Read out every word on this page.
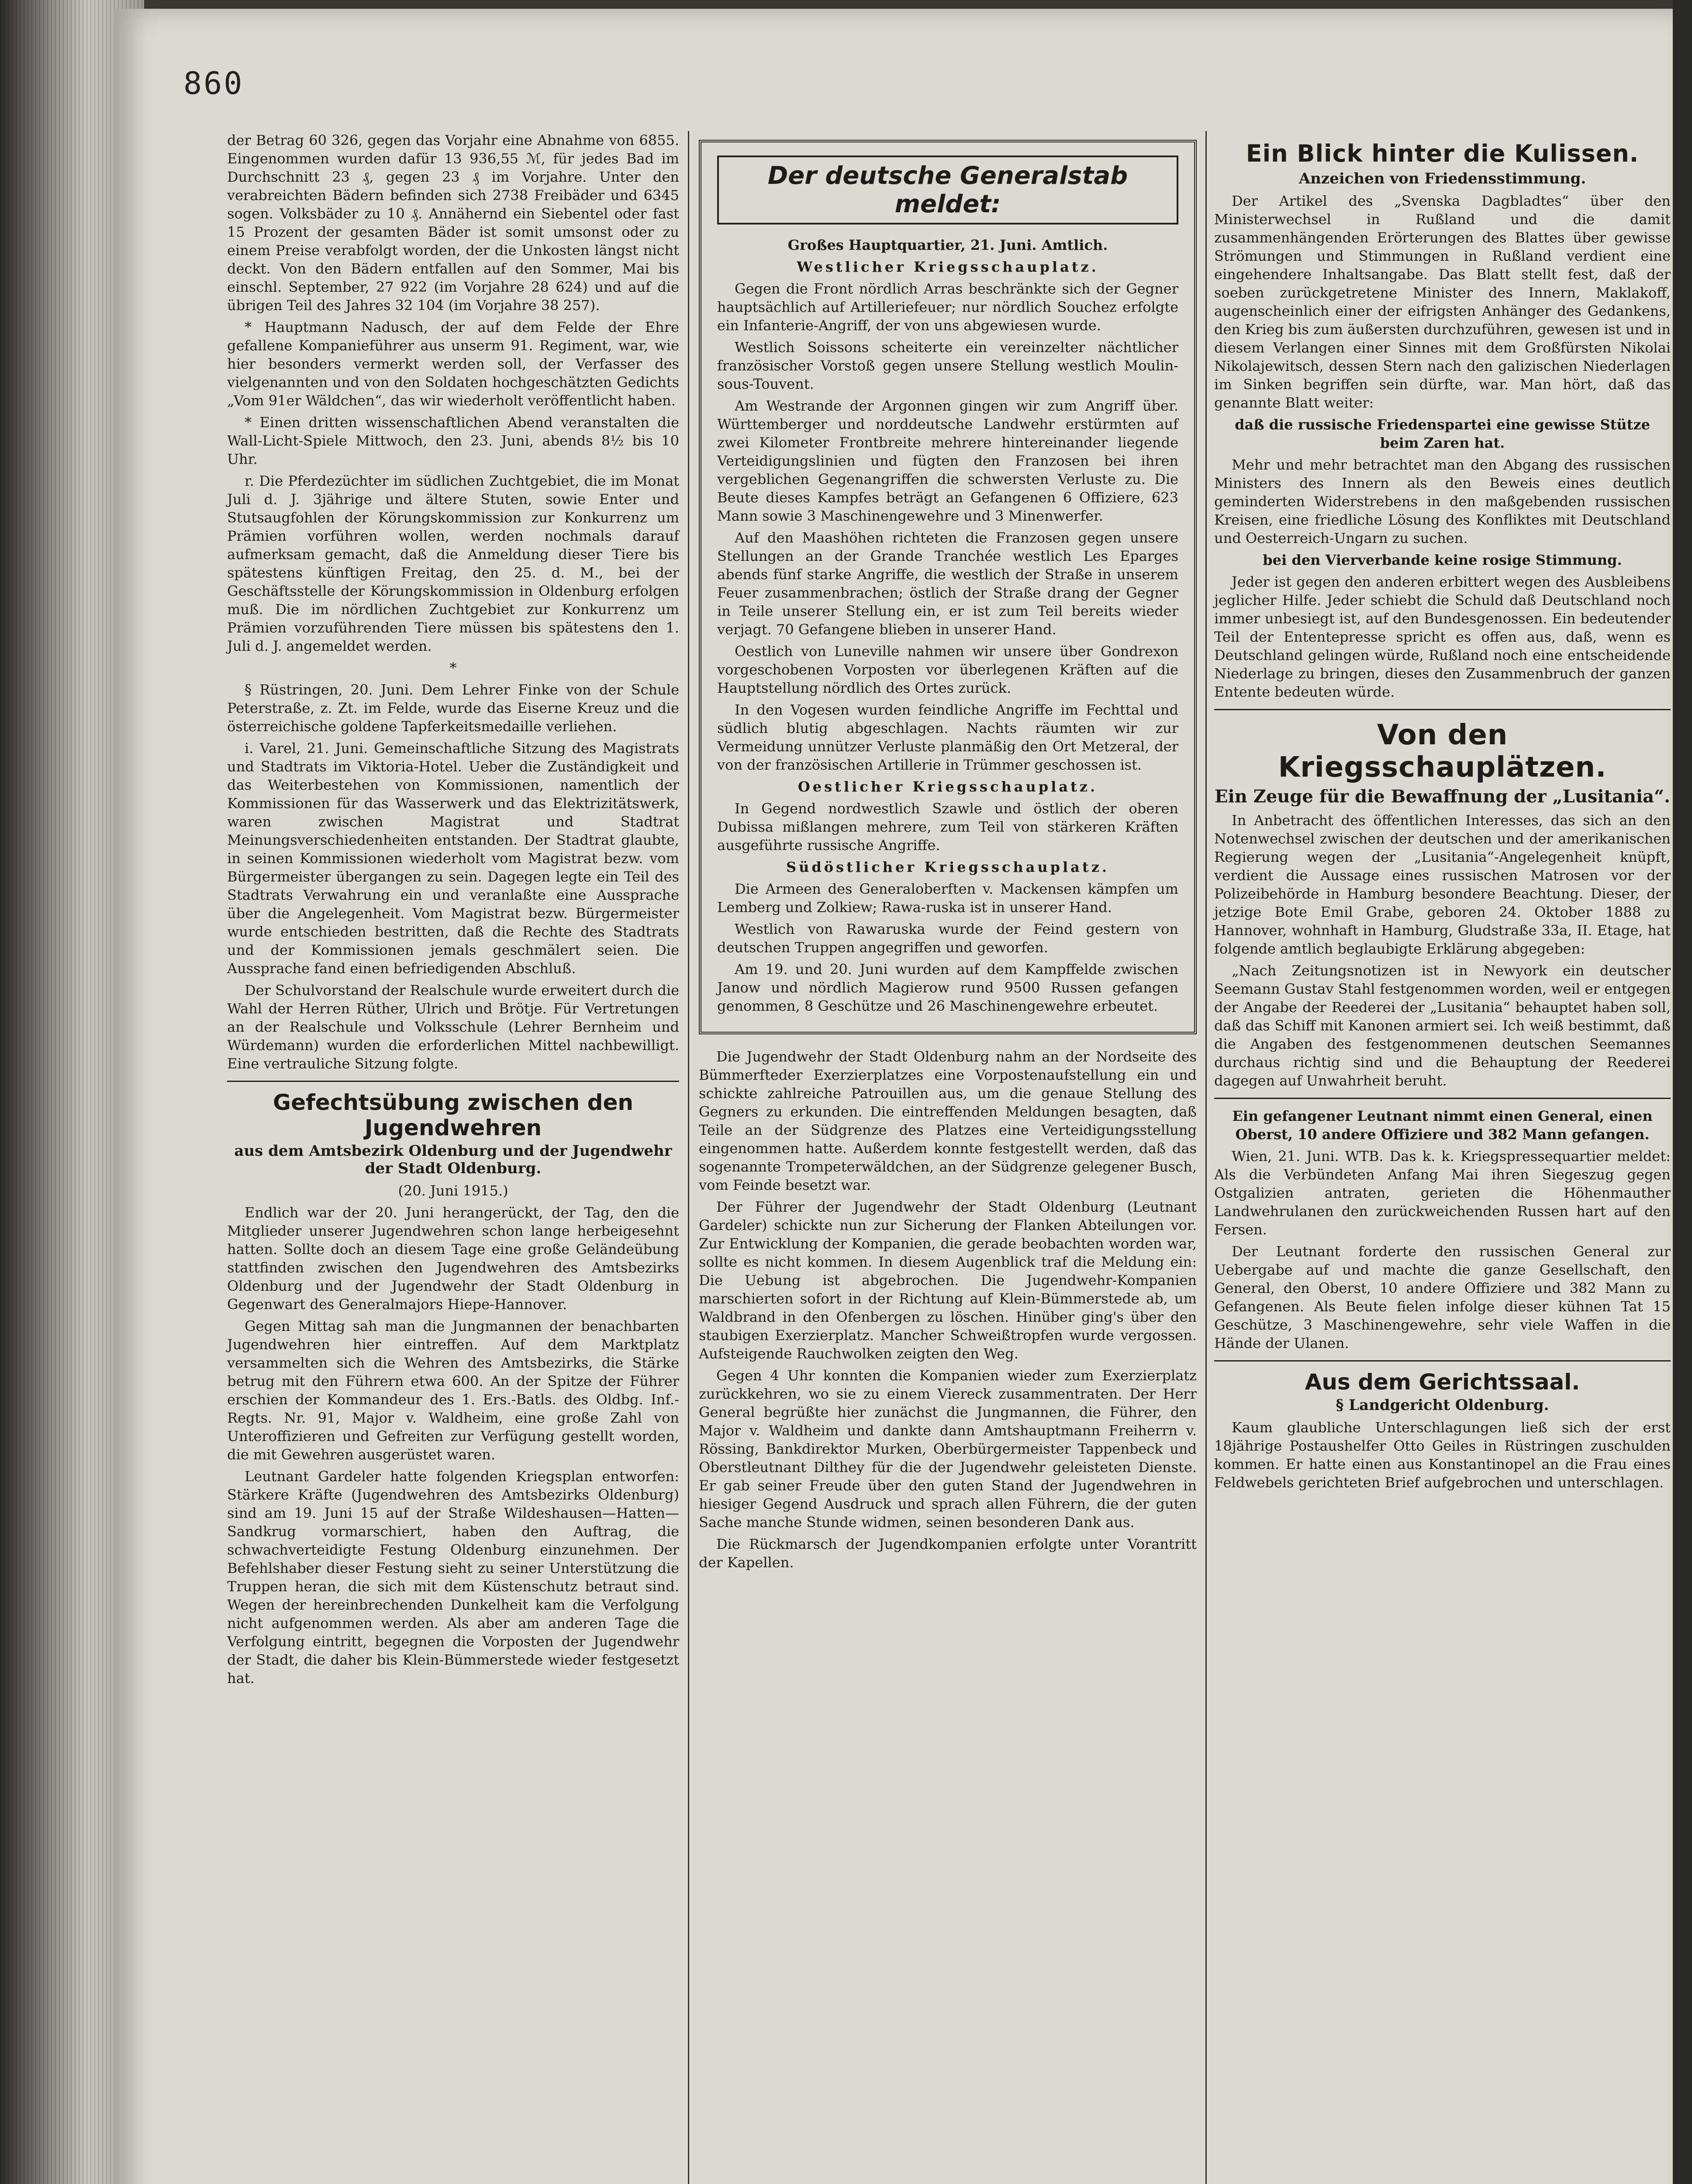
860

der Betrag 60 326, gegen das Vorjahr eine Abnahme von 6855. Eingenommen wurden dafür 13 936,55 ℳ, für jedes Bad im Durchschnitt 23 ₰, gegen 23 ₰ im Vorjahre. Unter den verabreichten Bädern befinden sich 2738 Freibäder und 6345 sogen. Volksbäder zu 10 ₰. Annähernd ein Siebentel oder fast 15 Prozent der gesamten Bäder ist somit umsonst oder zu einem Preise verabfolgt worden, der die Unkosten längst nicht deckt. Von den Bädern entfallen auf den Sommer, Mai bis einschl. September, 27 922 (im Vorjahre 28 624) und auf die übrigen Teil des Jahres 32 104 (im Vorjahre 38 257).

* Hauptmann Nadusch, der auf dem Felde der Ehre gefallene Kompanieführer aus unserm 91. Regiment, war, wie hier besonders vermerkt werden soll, der Verfasser des vielgenannten und von den Soldaten hochgeschätzten Gedichts „Vom 91er Wäldchen“, das wir wiederholt veröffentlicht haben.

* Einen dritten wissenschaftlichen Abend veranstalten die Wall-Licht-Spiele Mittwoch, den 23. Juni, abends 8½ bis 10 Uhr.

r. Die Pferdezüchter im südlichen Zuchtgebiet, die im Monat Juli d. J. 3jährige und ältere Stuten, sowie Enter und Stutsaugfohlen der Körungskommission zur Konkurrenz um Prämien vorführen wollen, werden nochmals darauf aufmerksam gemacht, daß die Anmeldung dieser Tiere bis spätestens künftigen Freitag, den 25. d. M., bei der Geschäftsstelle der Körungskommission in Oldenburg erfolgen muß. Die im nördlichen Zuchtgebiet zur Konkurrenz um Prämien vorzuführenden Tiere müssen bis spätestens den 1. Juli d. J. angemeldet werden.

*

§ Rüstringen, 20. Juni. Dem Lehrer Finke von der Schule Peterstraße, z. Zt. im Felde, wurde das Eiserne Kreuz und die österreichische goldene Tapferkeitsmedaille verliehen.

i. Varel, 21. Juni. Gemeinschaftliche Sitzung des Magistrats und Stadtrats im Viktoria-Hotel. Ueber die Zuständigkeit und das Weiterbestehen von Kommissionen, namentlich der Kommissionen für das Wasserwerk und das Elektrizitätswerk, waren zwischen Magistrat und Stadtrat Meinungsverschiedenheiten entstanden. Der Stadtrat glaubte, in seinen Kommissionen wiederholt vom Magistrat bezw. vom Bürgermeister übergangen zu sein. Dagegen legte ein Teil des Stadtrats Verwahrung ein und veranlaßte eine Aussprache über die Angelegenheit. Vom Magistrat bezw. Bürgermeister wurde entschieden bestritten, daß die Rechte des Stadtrats und der Kommissionen jemals geschmälert seien. Die Aussprache fand einen befriedigenden Abschluß.

Der Schulvorstand der Realschule wurde erweitert durch die Wahl der Herren Rüther, Ulrich und Brötje. Für Vertretungen an der Realschule und Volksschule (Lehrer Bernheim und Würdemann) wurden die erforderlichen Mittel nachbewilligt. Eine vertrauliche Sitzung folgte.

Gefechtsübung zwischen den Jugendwehren
aus dem Amtsbezirk Oldenburg und der Jugendwehr der Stadt Oldenburg.

(20. Juni 1915.)

Endlich war der 20. Juni herangerückt, der Tag, den die Mitglieder unserer Jugendwehren schon lange herbeigesehnt hatten. Sollte doch an diesem Tage eine große Geländeübung stattfinden zwischen den Jugendwehren des Amtsbezirks Oldenburg und der Jugendwehr der Stadt Oldenburg in Gegenwart des Generalmajors Hiepe-Hannover.

Gegen Mittag sah man die Jungmannen der benachbarten Jugendwehren hier eintreffen. Auf dem Marktplatz versammelten sich die Wehren des Amtsbezirks, die Stärke betrug mit den Führern etwa 600. An der Spitze der Führer erschien der Kommandeur des 1. Ers.-Batls. des Oldbg. Inf.-Regts. Nr. 91, Major v. Waldheim, eine große Zahl von Unteroffizieren und Gefreiten zur Verfügung gestellt worden, die mit Gewehren ausgerüstet waren.

Leutnant Gardeler hatte folgenden Kriegsplan entworfen: Stärkere Kräfte (Jugendwehren des Amtsbezirks Oldenburg) sind am 19. Juni 15 auf der Straße Wildeshausen—Hatten—Sandkrug vormarschiert, haben den Auftrag, die schwachverteidigte Festung Oldenburg einzunehmen. Der Befehlshaber dieser Festung sieht zu seiner Unterstützung die Truppen heran, die sich mit dem Küstenschutz betraut sind. Wegen der hereinbrechenden Dunkelheit kam die Verfolgung nicht aufgenommen werden. Als aber am anderen Tage die Verfolgung eintritt, begegnen die Vorposten der Jugendwehr der Stadt, die daher bis Klein-Bümmerstede wieder festgesetzt hat.

Der deutsche Generalstab meldet:

Großes Hauptquartier, 21. Juni. Amtlich.

Westlicher Kriegsschauplatz.

Gegen die Front nördlich Arras beschränkte sich der Gegner hauptsächlich auf Artilleriefeuer; nur nördlich Souchez erfolgte ein Infanterie-Angriff, der von uns abgewiesen wurde.

Westlich Soissons scheiterte ein vereinzelter nächtlicher französischer Vorstoß gegen unsere Stellung westlich Moulin-sous-Touvent.

Am Westrande der Argonnen gingen wir zum Angriff über. Württemberger und norddeutsche Landwehr erstürmten auf zwei Kilometer Frontbreite mehrere hintereinander liegende Verteidigungslinien und fügten den Franzosen bei ihren vergeblichen Gegenangriffen die schwersten Verluste zu. Die Beute dieses Kampfes beträgt an Gefangenen 6 Offiziere, 623 Mann sowie 3 Maschinengewehre und 3 Minenwerfer.

Auf den Maashöhen richteten die Franzosen gegen unsere Stellungen an der Grande Tranchée westlich Les Eparges abends fünf starke Angriffe, die westlich der Straße in unserem Feuer zusammenbrachen; östlich der Straße drang der Gegner in Teile unserer Stellung ein, er ist zum Teil bereits wieder verjagt. 70 Gefangene blieben in unserer Hand.

Oestlich von Luneville nahmen wir unsere über Gondrexon vorgeschobenen Vorposten vor überlegenen Kräften auf die Hauptstellung nördlich des Ortes zurück.

In den Vogesen wurden feindliche Angriffe im Fechttal und südlich blutig abgeschlagen. Nachts räumten wir zur Vermeidung unnützer Verluste planmäßig den Ort Metzeral, der von der französischen Artillerie in Trümmer geschossen ist.

Oestlicher Kriegsschauplatz.

In Gegend nordwestlich Szawle und östlich der oberen Dubissa mißlangen mehrere, zum Teil von stärkeren Kräften ausgeführte russische Angriffe.

Südöstlicher Kriegsschauplatz.

Die Armeen des Generaloberften v. Mackensen kämpfen um Lemberg und Zolkiew; Rawa-ruska ist in unserer Hand.

Westlich von Rawaruska wurde der Feind gestern von deutschen Truppen angegriffen und geworfen.

Am 19. und 20. Juni wurden auf dem Kampffelde zwischen Janow und nördlich Magierow rund 9500 Russen gefangen genommen, 8 Geschütze und 26 Maschinengewehre erbeutet.

Die Jugendwehr der Stadt Oldenburg nahm an der Nordseite des Bümmerfteder Exerzierplatzes eine Vorpostenaufstellung ein und schickte zahlreiche Patrouillen aus, um die genaue Stellung des Gegners zu erkunden. Die eintreffenden Meldungen besagten, daß Teile an der Südgrenze des Platzes eine Verteidigungsstellung eingenommen hatte. Außerdem konnte festgestellt werden, daß das sogenannte Trompeterwäldchen, an der Südgrenze gelegener Busch, vom Feinde besetzt war.

Der Führer der Jugendwehr der Stadt Oldenburg (Leutnant Gardeler) schickte nun zur Sicherung der Flanken Abteilungen vor. Zur Entwicklung der Kompanien, die gerade beobachten worden war, sollte es nicht kommen. In diesem Augenblick traf die Meldung ein: Die Uebung ist abgebrochen. Die Jugendwehr-Kompanien marschierten sofort in der Richtung auf Klein-Bümmerstede ab, um Waldbrand in den Ofenbergen zu löschen. Hinüber ging's über den staubigen Exerzierplatz. Mancher Schweißtropfen wurde vergossen. Aufsteigende Rauchwolken zeigten den Weg.

Gegen 4 Uhr konnten die Kompanien wieder zum Exerzierplatz zurückkehren, wo sie zu einem Viereck zusammentraten. Der Herr General begrüßte hier zunächst die Jungmannen, die Führer, den Major v. Waldheim und dankte dann Amtshauptmann Freiherrn v. Rössing, Bankdirektor Murken, Oberbürgermeister Tappenbeck und Oberstleutnant Dilthey für die der Jugendwehr geleisteten Dienste. Er gab seiner Freude über den guten Stand der Jugendwehren in hiesiger Gegend Ausdruck und sprach allen Führern, die der guten Sache manche Stunde widmen, seinen besonderen Dank aus.

Die Rückmarsch der Jugendkompanien erfolgte unter Vorantritt der Kapellen.

Ein Blick hinter die Kulissen.
Anzeichen von Friedensstimmung.

Der Artikel des „Svenska Dagbladtes“ über den Ministerwechsel in Rußland und die damit zusammenhängenden Erörterungen des Blattes über gewisse Strömungen und Stimmungen in Rußland verdient eine eingehendere Inhaltsangabe. Das Blatt stellt fest, daß der soeben zurückgetretene Minister des Innern, Maklakoff, augenscheinlich einer der eifrigsten Anhänger des Gedankens, den Krieg bis zum äußersten durchzuführen, gewesen ist und in diesem Verlangen einer Sinnes mit dem Großfürsten Nikolai Nikolajewitsch, dessen Stern nach den galizischen Niederlagen im Sinken begriffen sein dürfte, war. Man hört, daß das genannte Blatt weiter:

daß die russische Friedenspartei eine gewisse Stütze beim Zaren hat.

Mehr und mehr betrachtet man den Abgang des russischen Ministers des Innern als den Beweis eines deutlich geminderten Widerstrebens in den maßgebenden russischen Kreisen, eine friedliche Lösung des Konfliktes mit Deutschland und Oesterreich-Ungarn zu suchen.

bei den Vierverbande keine rosige Stimmung.

Jeder ist gegen den anderen erbittert wegen des Ausbleibens jeglicher Hilfe. Jeder schiebt die Schuld daß Deutschland noch immer unbesiegt ist, auf den Bundesgenossen. Ein bedeutender Teil der Ententepresse spricht es offen aus, daß, wenn es Deutschland gelingen würde, Rußland noch eine entscheidende Niederlage zu bringen, dieses den Zusammenbruch der ganzen Entente bedeuten würde.

Von den Kriegsschauplätzen.
Ein Zeuge für die Bewaffnung der „Lusitania“.

In Anbetracht des öffentlichen Interesses, das sich an den Notenwechsel zwischen der deutschen und der amerikanischen Regierung wegen der „Lusitania“-Angelegenheit knüpft, verdient die Aussage eines russischen Matrosen vor der Polizeibehörde in Hamburg besondere Beachtung. Dieser, der jetzige Bote Emil Grabe, geboren 24. Oktober 1888 zu Hannover, wohnhaft in Hamburg, Gludstraße 33a, II. Etage, hat folgende amtlich beglaubigte Erklärung abgegeben:

„Nach Zeitungsnotizen ist in Newyork ein deutscher Seemann Gustav Stahl festgenommen worden, weil er entgegen der Angabe der Reederei der „Lusitania“ behauptet haben soll, daß das Schiff mit Kanonen armiert sei. Ich weiß bestimmt, daß die Angaben des festgenommenen deutschen Seemannes durchaus richtig sind und die Behauptung der Reederei dagegen auf Unwahrheit beruht.

Ein gefangener Leutnant nimmt einen General, einen Oberst, 10 andere Offiziere und 382 Mann gefangen.

Wien, 21. Juni. WTB. Das k. k. Kriegspressequartier meldet: Als die Verbündeten Anfang Mai ihren Siegeszug gegen Ostgalizien antraten, gerieten die Höhenmauther Landwehrulanen den zurückweichenden Russen hart auf den Fersen.

Der Leutnant forderte den russischen General zur Uebergabe auf und machte die ganze Gesellschaft, den General, den Oberst, 10 andere Offiziere und 382 Mann zu Gefangenen. Als Beute fielen infolge dieser kühnen Tat 15 Geschütze, 3 Maschinengewehre, sehr viele Waffen in die Hände der Ulanen.

Aus dem Gerichtssaal.
§ Landgericht Oldenburg.

Kaum glaubliche Unterschlagungen ließ sich der erst 18jährige Postaushelfer Otto Geiles in Rüstringen zuschulden kommen. Er hatte einen aus Konstantinopel an die Frau eines Feldwebels gerichteten Brief aufgebrochen und unterschlagen.
